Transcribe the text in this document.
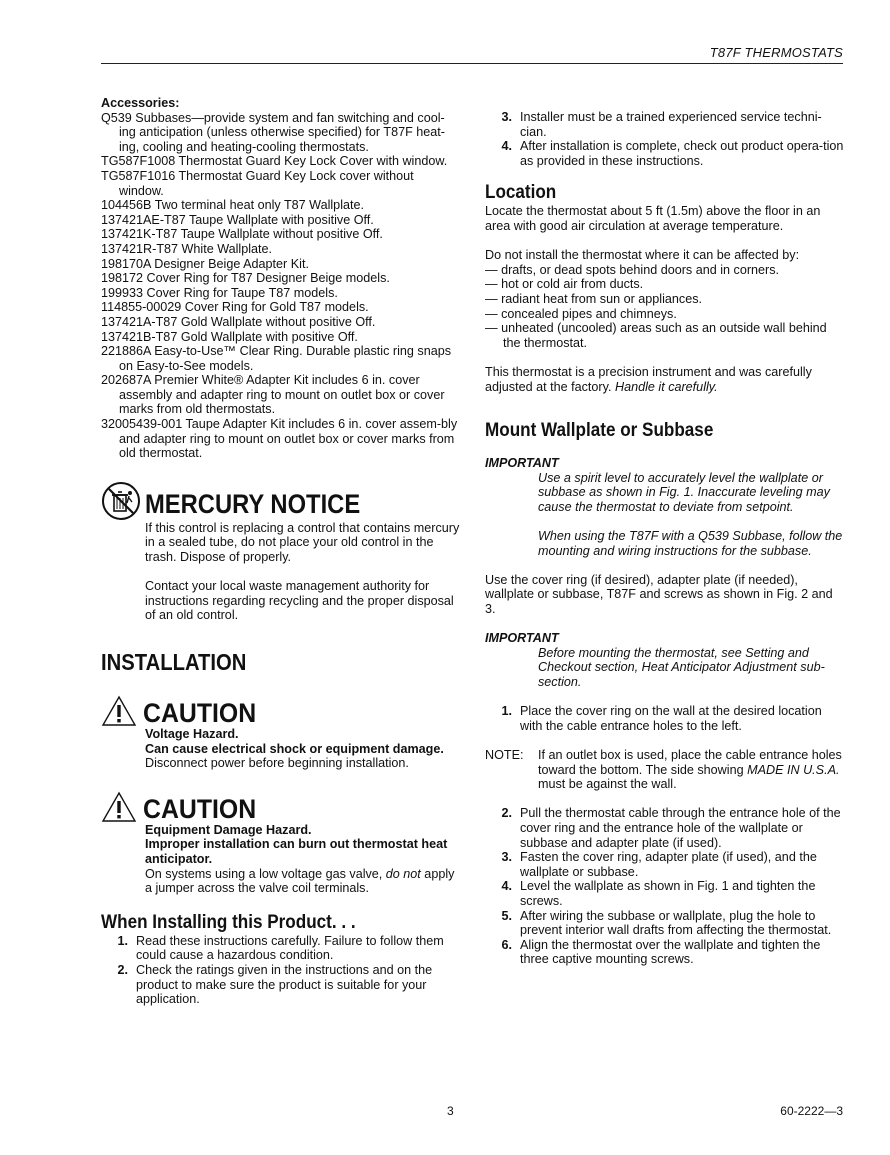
T87F THERMOSTATS
Accessories:
Q539 Subbases—provide system and fan switching and cool-ing anticipation (unless otherwise specified) for T87F heat-ing, cooling and heating-cooling thermostats.
TG587F1008 Thermostat Guard Key Lock Cover with window.
TG587F1016 Thermostat Guard Key Lock cover without window.
104456B Two terminal heat only T87 Wallplate.
137421AE-T87 Taupe Wallplate with positive Off.
137421K-T87 Taupe Wallplate without positive Off.
137421R-T87 White Wallplate.
198170A Designer Beige Adapter Kit.
198172 Cover Ring for T87 Designer Beige models.
199933 Cover Ring for Taupe T87 models.
114855-00029 Cover Ring for Gold T87 models.
137421A-T87 Gold Wallplate without positive Off.
137421B-T87 Gold Wallplate with positive Off.
221886A Easy-to-Use™ Clear Ring. Durable plastic ring snaps on Easy-to-See models.
202687A Premier White® Adapter Kit includes 6 in. cover assembly and adapter ring to mount on outlet box or cover marks from old thermostats.
32005439-001 Taupe Adapter Kit includes 6 in. cover assem-bly and adapter ring to mount on outlet box or cover marks from old thermostat.
MERCURY NOTICE
If this control is replacing a control that contains mercury in a sealed tube, do not place your old control in the trash. Dispose of properly.
Contact your local waste management authority for instructions regarding recycling and the proper disposal of an old control.
INSTALLATION
CAUTION
Voltage Hazard.
Can cause electrical shock or equipment damage.
Disconnect power before beginning installation.
CAUTION
Equipment Damage Hazard.
Improper installation can burn out thermostat heat anticipator.
On systems using a low voltage gas valve, do not apply a jumper across the valve coil terminals.
When Installing this Product. . .
1. Read these instructions carefully. Failure to follow them could cause a hazardous condition.
2. Check the ratings given in the instructions and on the product to make sure the product is suitable for your application.
3. Installer must be a trained experienced service techni-cian.
4. After installation is complete, check out product opera-tion as provided in these instructions.
Location
Locate the thermostat about 5 ft (1.5m) above the floor in an area with good air circulation at average temperature.
Do not install the thermostat where it can be affected by:
— drafts, or dead spots behind doors and in corners.
— hot or cold air from ducts.
— radiant heat from sun or appliances.
— concealed pipes and chimneys.
— unheated (uncooled) areas such as an outside wall behind the thermostat.
This thermostat is a precision instrument and was carefully adjusted at the factory. Handle it carefully.
Mount Wallplate or Subbase
IMPORTANT
Use a spirit level to accurately level the wallplate or subbase as shown in Fig. 1. Inaccurate leveling may cause the thermostat to deviate from setpoint.
When using the T87F with a Q539 Subbase, follow the mounting and wiring instructions for the subbase.
Use the cover ring (if desired), adapter plate (if needed), wallplate or subbase, T87F and screws as shown in Fig. 2 and 3.
IMPORTANT
Before mounting the thermostat, see Setting and Checkout section, Heat Anticipator Adjustment sub-section.
1. Place the cover ring on the wall at the desired location with the cable entrance holes to the left.
NOTE:	If an outlet box is used, place the cable entrance holes toward the bottom. The side showing MADE IN U.S.A. must be against the wall.
2. Pull the thermostat cable through the entrance hole of the cover ring and the entrance hole of the wallplate or subbase and adapter plate (if used).
3. Fasten the cover ring, adapter plate (if used), and the wallplate or subbase.
4. Level the wallplate as shown in Fig. 1 and tighten the screws.
5. After wiring the subbase or wallplate, plug the hole to prevent interior wall drafts from affecting the thermostat.
6. Align the thermostat over the wallplate and tighten the three captive mounting screws.
3	60-2222—3
